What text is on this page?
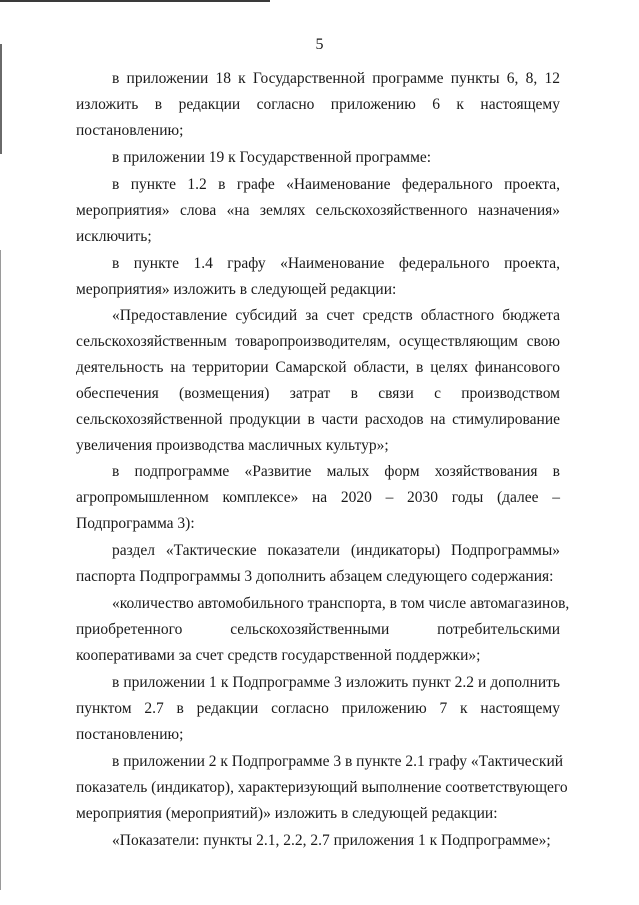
5
в приложении 18 к Государственной программе пункты 6, 8, 12
изложить в редакции согласно приложению 6 к настоящему
постановлению;
в приложении 19 к Государственной программе:
в пункте 1.2 в графе «Наименование федерального проекта,
мероприятия» слова «на землях сельскохозяйственного назначения»
исключить;
в пункте 1.4 графу «Наименование федерального проекта,
мероприятия» изложить в следующей редакции:
«Предоставление субсидий за счет средств областного бюджета
сельскохозяйственным товаропроизводителям, осуществляющим свою
деятельность на территории Самарской области, в целях финансового
обеспечения (возмещения) затрат в связи с производством
сельскохозяйственной продукции в части расходов на стимулирование
увеличения производства масличных культур»;
в подпрограмме «Развитие малых форм хозяйствования в
агропромышленном комплексе» на 2020 – 2030 годы (далее –
Подпрограмма 3):
раздел «Тактические показатели (индикаторы) Подпрограммы»
паспорта Подпрограммы 3 дополнить абзацем следующего содержания:
«количество автомобильного транспорта, в том числе автомагазинов,
приобретенного сельскохозяйственными потребительскими
кооперативами за счет средств государственной поддержки»;
в приложении 1 к Подпрограмме 3 изложить пункт 2.2 и дополнить
пунктом 2.7 в редакции согласно приложению 7 к настоящему
постановлению;
в приложении 2 к Подпрограмме 3 в пункте 2.1 графу «Тактический
показатель (индикатор), характеризующий выполнение соответствующего
мероприятия (мероприятий)» изложить в следующей редакции:
«Показатели: пункты 2.1, 2.2, 2.7 приложения 1 к Подпрограмме»;
